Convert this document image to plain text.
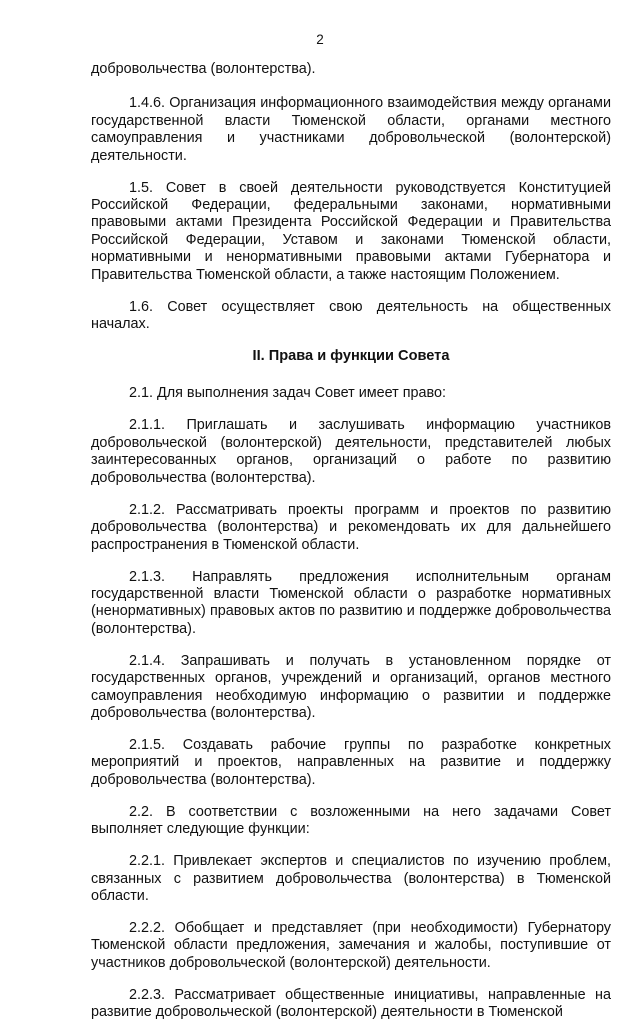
2

добровольчества (волонтерства).

1.4.6. Организация информационного взаимодействия между органами государственной власти Тюменской области, органами местного самоуправления и участниками добровольческой (волонтерской) деятельности.

1.5. Совет в своей деятельности руководствуется Конституцией Российской Федерации, федеральными законами, нормативными правовыми актами Президента Российской Федерации и Правительства Российской Федерации, Уставом и законами Тюменской области, нормативными и ненормативными правовыми актами Губернатора и Правительства Тюменской области, а также настоящим Положением.

1.6. Совет осуществляет свою деятельность на общественных началах.

II. Права и функции Совета

2.1. Для выполнения задач Совет имеет право:

2.1.1. Приглашать и заслушивать информацию участников добровольческой (волонтерской) деятельности, представителей любых заинтересованных органов, организаций о работе по развитию добровольчества (волонтерства).

2.1.2. Рассматривать проекты программ и проектов по развитию добровольчества (волонтерства) и рекомендовать их для дальнейшего распространения в Тюменской области.

2.1.3. Направлять предложения исполнительным органам государственной власти Тюменской области о разработке нормативных (ненормативных) правовых актов по развитию и поддержке добровольчества (волонтерства).

2.1.4. Запрашивать и получать в установленном порядке от государственных органов, учреждений и организаций, органов местного самоуправления необходимую информацию о развитии и поддержке добровольчества (волонтерства).

2.1.5. Создавать рабочие группы по разработке конкретных мероприятий и проектов, направленных на развитие и поддержку добровольчества (волонтерства).

2.2. В соответствии с возложенными на него задачами Совет выполняет следующие функции:

2.2.1. Привлекает экспертов и специалистов по изучению проблем, связанных с развитием добровольчества (волонтерства) в Тюменской области.

2.2.2. Обобщает и представляет (при необходимости) Губернатору Тюменской области предложения, замечания и жалобы, поступившие от участников добровольческой (волонтерской) деятельности.

2.2.3. Рассматривает общественные инициативы, направленные на развитие добровольческой (волонтерской) деятельности в Тюменской
